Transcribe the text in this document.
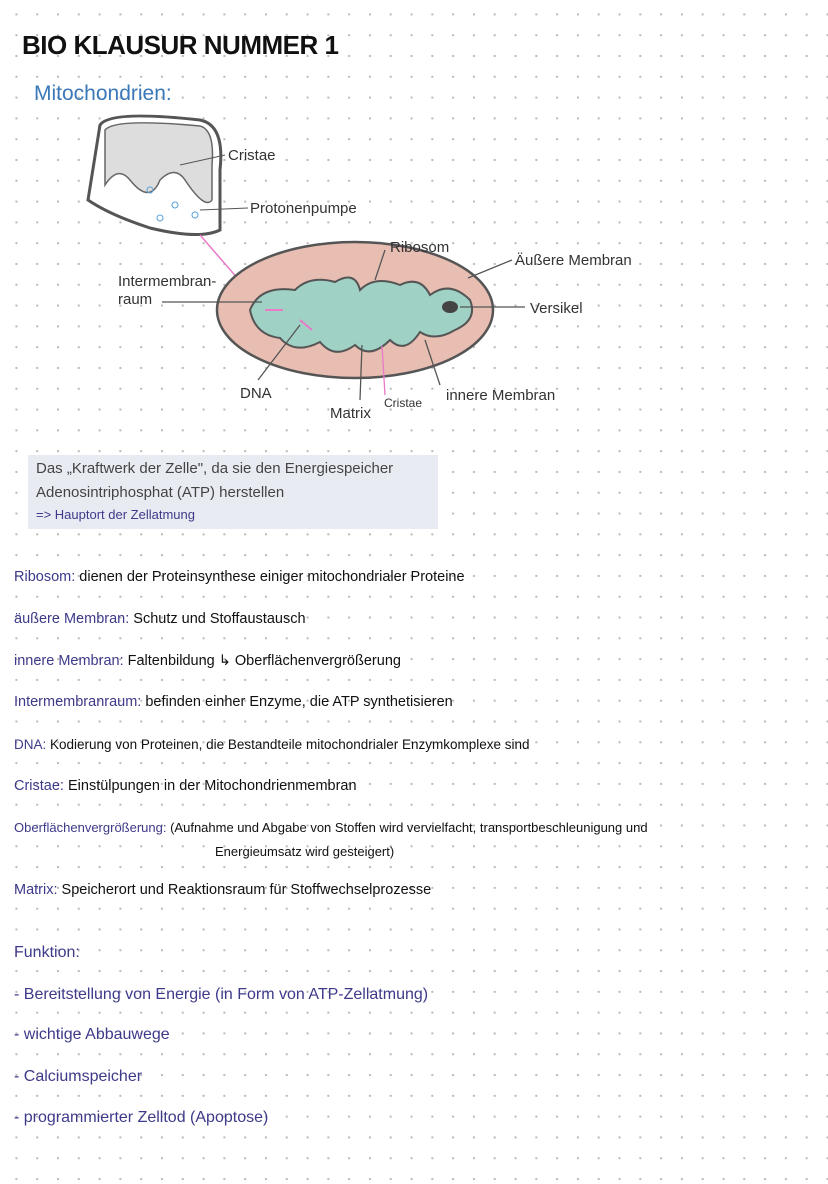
BIO KLAUSUR NUMMER 1
Mitochondrien:
Cristae
Protonenpumpe
Ribosom
Äußere Membran
Intermembran-
raum
Versikel
DNA
Matrix
Cristae innere Membran
Das „Kraftwerk der Zelle", da sie den Energiespeicher
Adenosintriphosphat (ATP) herstellen
=> Hauptort der Zellatmung
Ribosom: dienen der Proteinsynthese einiger mitochondrialer Proteine
äußere Membran: Schutz und Stoffaustausch
innere Membran: Faltenbildung ↳ Oberflächenvergrößerung
Intermembranraum: befinden einher Enzyme, die ATP synthetisieren
DNA: Kodierung von Proteinen, die Bestandteile mitochondrialer Enzymkomplexe sind
Cristae: Einstülpungen in der Mitochondrienmembran
Oberflächenvergrößerung: (Aufnahme und Abgabe von Stoffen wird vervielfacht, transportbeschleunigung und
Energieumsatz wird gesteigert)
Matrix: Speicherort und Reaktionsraum für Stoffwechselprozesse
Funktion:
- Bereitstellung von Energie (in Form von ATP-Zellatmung)
- wichtige Abbauwege
- Calciumspeicher
- programmierter Zelltod (Apoptose)
